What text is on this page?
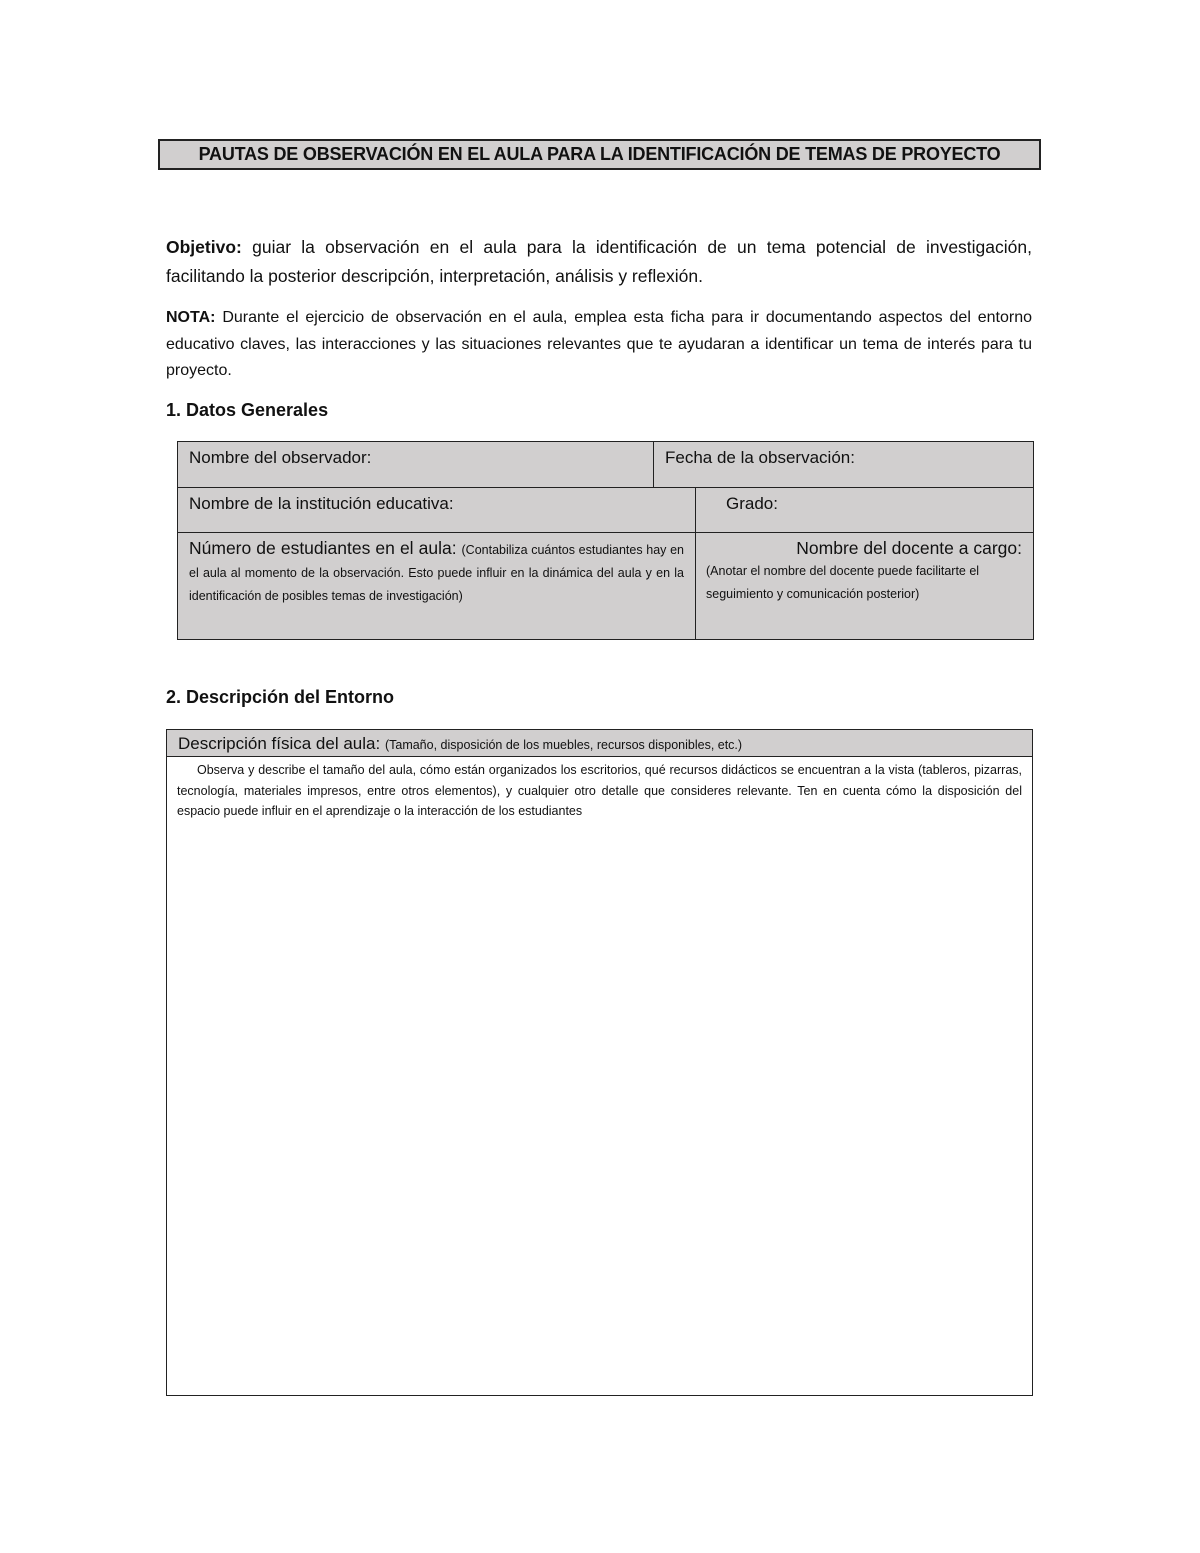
PAUTAS DE OBSERVACIÓN EN EL AULA PARA LA IDENTIFICACIÓN DE TEMAS DE PROYECTO

Objetivo: guiar la observación en el aula para la identificación de un tema potencial de investigación, facilitando la posterior descripción, interpretación, análisis y reflexión.

NOTA: Durante el ejercicio de observación en el aula, emplea esta ficha para ir documentando aspectos del entorno educativo claves, las interacciones y las situaciones relevantes que te ayudaran a identificar un tema de interés para tu proyecto.

1. Datos Generales
Nombre del observador:	Fecha de la observación:
Nombre de la institución educativa:	Grado:
Número de estudiantes en el aula: (Contabiliza cuántos estudiantes hay en el aula al momento de la observación. Esto puede influir en la dinámica del aula y en la identificación de posibles temas de investigación)
Nombre del docente a cargo:
(Anotar el nombre del docente puede facilitarte el seguimiento y comunicación posterior)
2. Descripción del Entorno
Descripción física del aula: (Tamaño, disposición de los muebles, recursos disponibles, etc.)
Observa y describe el tamaño del aula, cómo están organizados los escritorios, qué recursos didácticos se encuentran a la vista (tableros, pizarras, tecnología, materiales impresos, entre otros elementos), y cualquier otro detalle que consideres relevante. Ten en cuenta cómo la disposición del espacio puede influir en el aprendizaje o la interacción de los estudiantes
